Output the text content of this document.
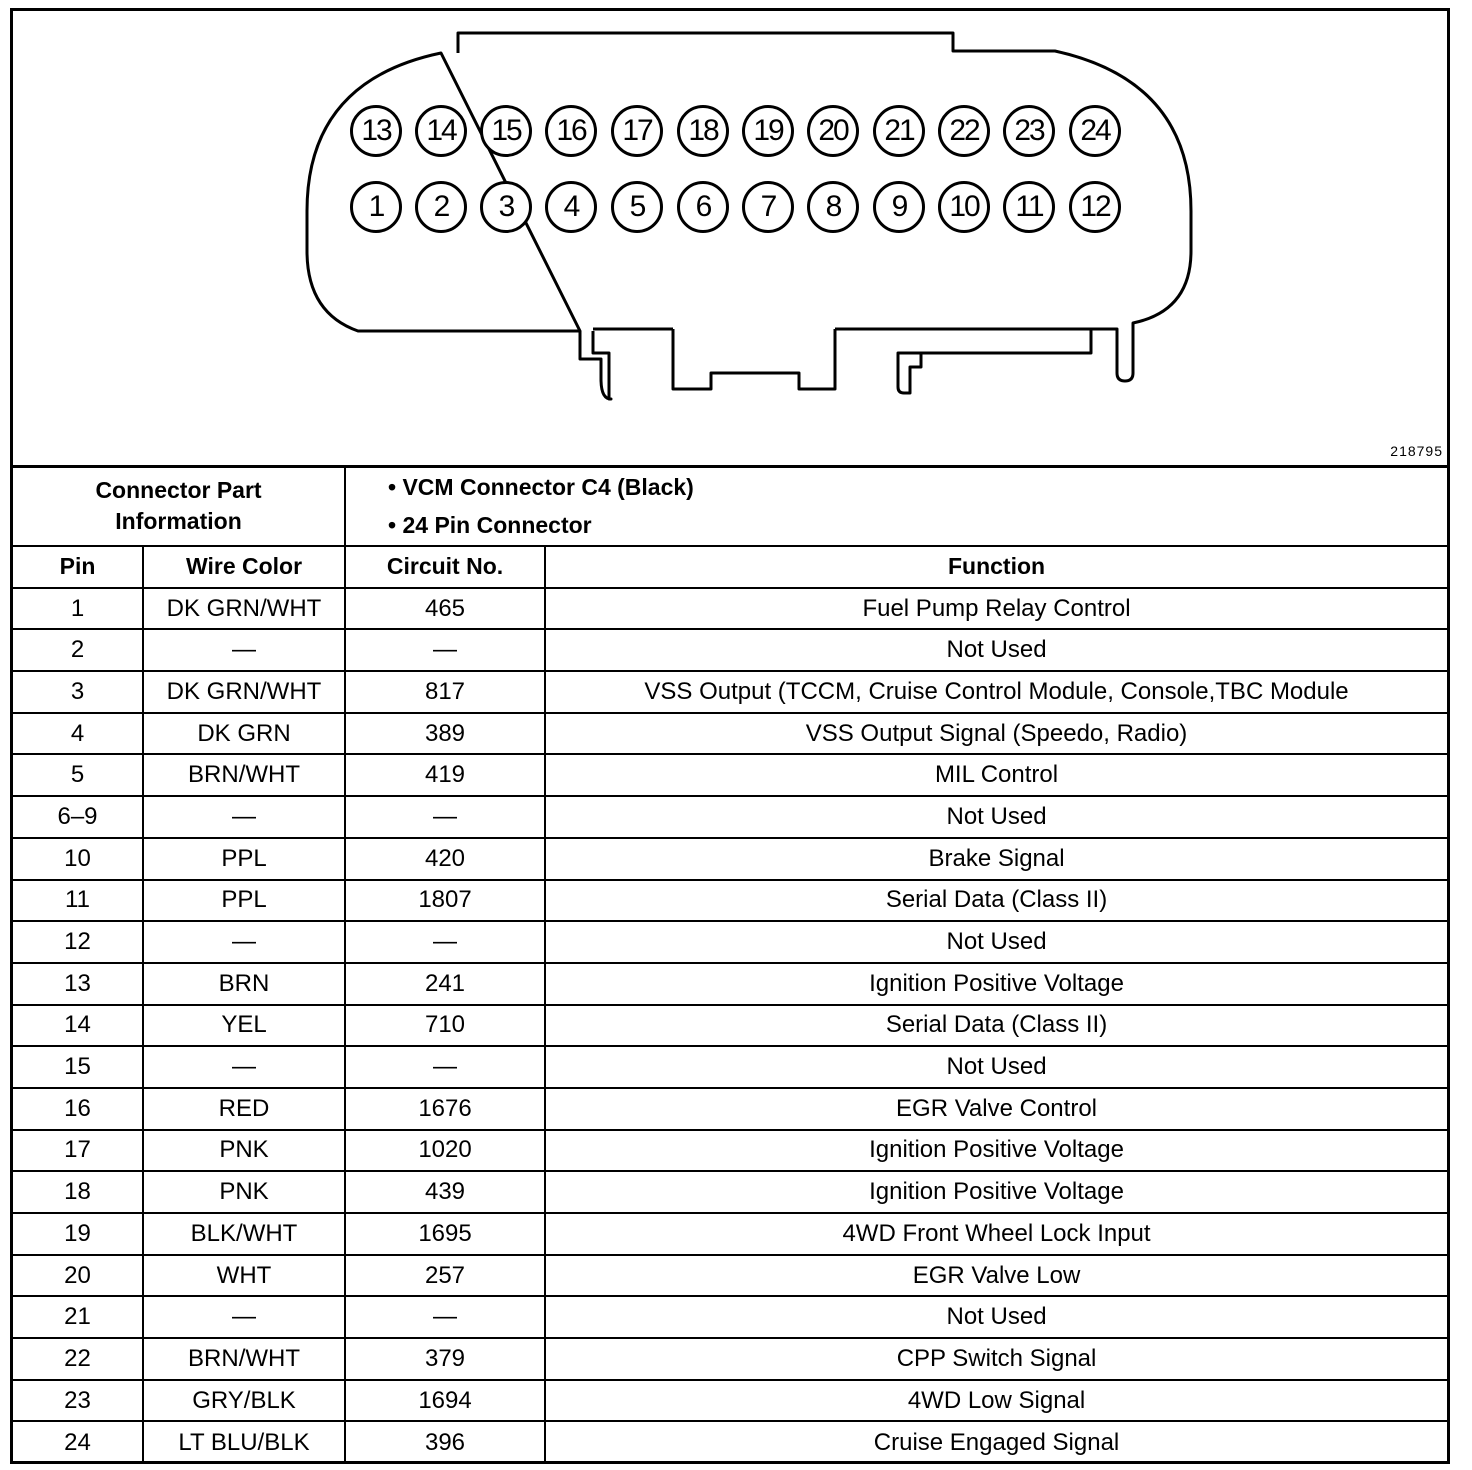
13	14	15	16	17	18	19	20	21	22	23	24
1	2	3	4	5	6	7	8	9	10	11	12
218795
Connector Part Information		• VCM Connector C4 (Black)
• 24 Pin Connector	

Pin	Wire Color	Circuit No.	Function
1	DK GRN/WHT	465	Fuel Pump Relay Control
2	—	—	Not Used
3	DK GRN/WHT	817	VSS Output (TCCM, Cruise Control Module, Console,TBC Module
4	DK GRN	389	VSS Output Signal (Speedo, Radio)
5	BRN/WHT	419	MIL Control
6–9	—	—	Not Used
10	PPL	420	Brake Signal
11	PPL	1807	Serial Data (Class II)
12	—	—	Not Used
13	BRN	241	Ignition Positive Voltage
14	YEL	710	Serial Data (Class II)
15	—	—	Not Used
16	RED	1676	EGR Valve Control
17	PNK	1020	Ignition Positive Voltage
18	PNK	439	Ignition Positive Voltage
19	BLK/WHT	1695	4WD Front Wheel Lock Input
20	WHT	257	EGR Valve Low
21	—	—	Not Used
22	BRN/WHT	379	CPP Switch Signal
23	GRY/BLK	1694	4WD Low Signal
24	LT BLU/BLK	396	Cruise Engaged Signal
